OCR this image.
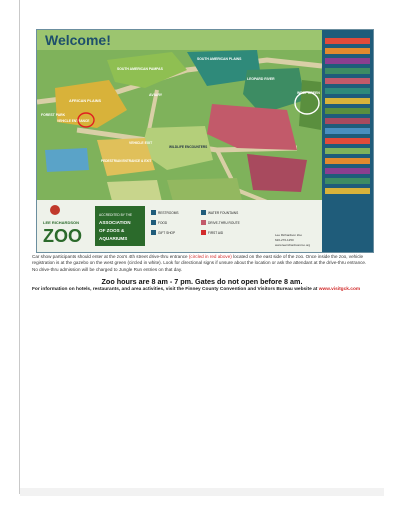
AFRICAN PLAINS
SOUTH AMERICAN PAMPAS
SOUTH AMERICAN PLAINS
AVIARY
FOREST PARK
WILDLIFE ENCOUNTERS
LEOPARD RIVER
WEST GREEN
VEHICLE EXIT
PEDESTRIAN ENTRANCE & EXIT
VEHICLE ENTRANCE
Welcome!
LEE RICHARDSON
ZOO
ACCREDITED BY THE
ASSOCIATION
OF ZOOS &
AQUARIUMS
RESTROOMS
FOOD
GIFT SHOP
WATER FOUNTAINS
DRIVE-THRU ROUTE
FIRST AID	Lee Richardson Zoo
620-276-1250
www.leerichardsonzoo.org
Car show participants should enter at the zoo's 4th street drive-thru entrance (circled in red above) located on the east side of the zoo. Once inside the zoo, vehicle registration is at the gazebo on the west green (circled in white). Look for directional signs if unsure about the location or ask the attendant at the drive-thru entrance. No drive-thru admission will be charged to Jungle Run entries on that day.
Zoo hours are 8 am - 7 pm. Gates do not open before 8 am.
For information on hotels, restaurants, and area activities, visit the Finney County Convention and Visitors Bureau website at www.visitgck.com
